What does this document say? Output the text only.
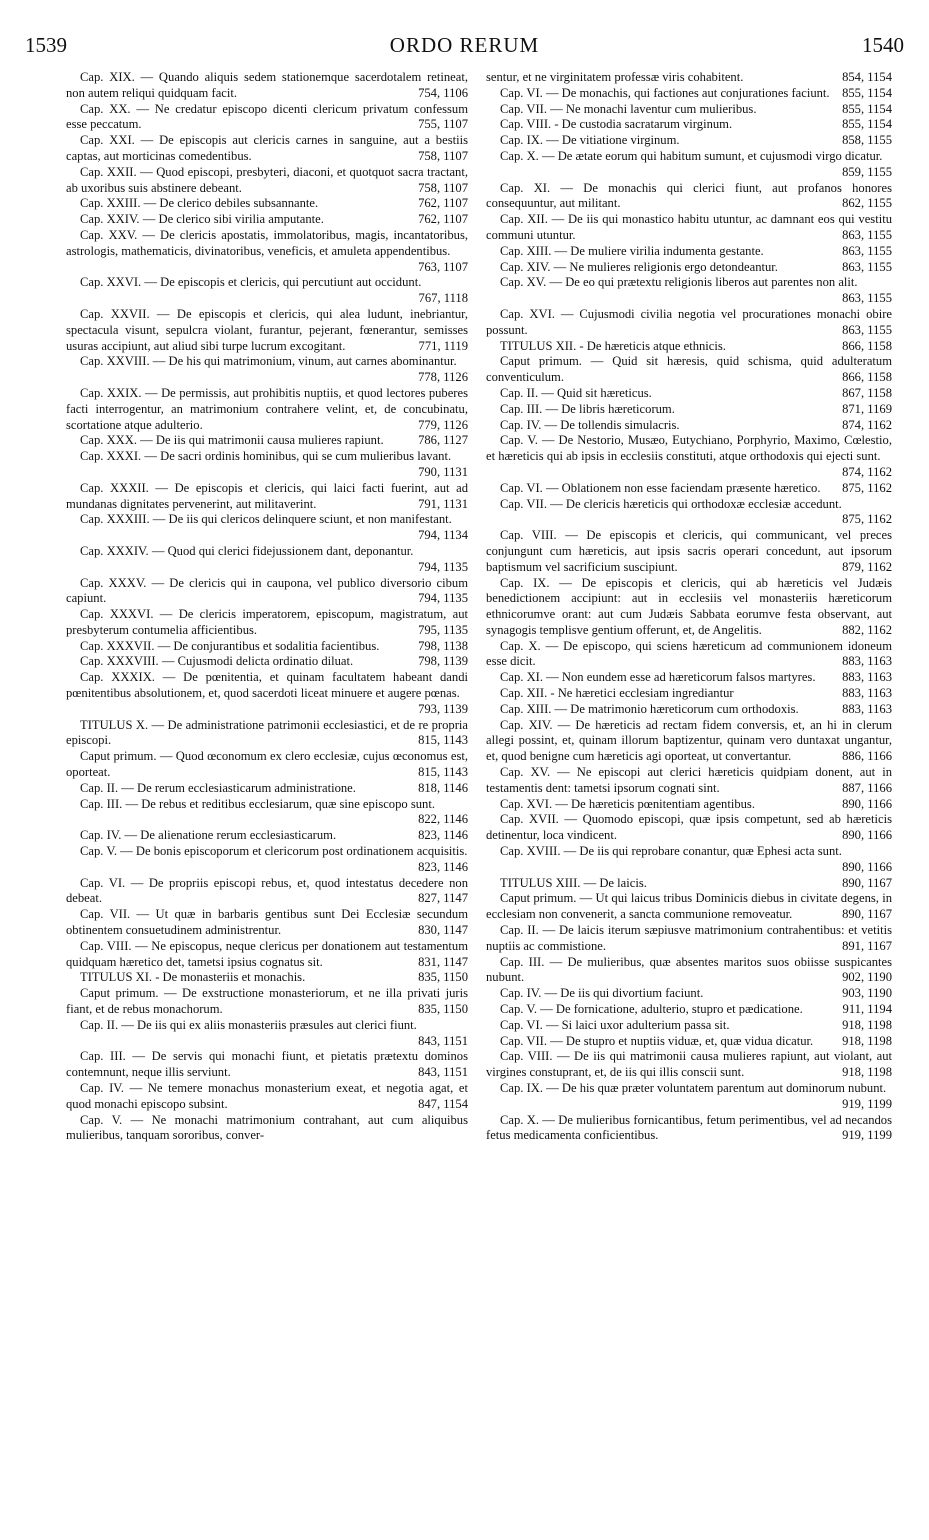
1539	ORDO RERUM	1540

Cap. XIX. — Quando aliquis sedem stationemque sacerdotalem retineat, non autem reliqui quidquam facit.	754, 1106

Cap. XX. — Ne credatur episcopo dicenti clericum privatum confessum esse peccatum.	755, 1107

Cap. XXI. — De episcopis aut clericis carnes in sanguine, aut a bestiis captas, aut morticinas comedentibus.	758, 1107

Cap. XXII. — Quod episcopi, presbyteri, diaconi, et quotquot sacra tractant, ab uxoribus suis abstinere debeant.	758, 1107

Cap. XXIII. — De clerico debiles subsannante.	762, 1107

Cap. XXIV. — De clerico sibi virilia amputante.	762, 1107

Cap. XXV. — De clericis apostatis, immolatoribus, magis, incantatoribus, astrologis, mathematicis, divinatoribus, veneficis, et amuleta appendentibus.
763, 1107

Cap. XXVI. — De episcopis et clericis, qui percutiunt aut occidunt.
767, 1118

Cap. XXVII. — De episcopis et clericis, qui alea ludunt, inebriantur, spectacula visunt, sepulcra violant, furantur, pejerant, fœnerantur, semisses usuras accipiunt, aut aliud sibi turpe lucrum excogitant.	771, 1119

Cap. XXVIII. — De his qui matrimonium, vinum, aut carnes abominantur.
778, 1126

Cap. XXIX. — De permissis, aut prohibitis nuptiis, et quod lectores puberes facti interrogentur, an matrimonium contrahere velint, et, de concubinatu, scortatione atque adulterio.	779, 1126

Cap. XXX. — De iis qui matrimonii causa mulieres rapiunt.	786, 1127

Cap. XXXI. — De sacri ordinis hominibus, qui se cum mulieribus lavant.
790, 1131

Cap. XXXII. — De episcopis et clericis, qui laici facti fuerint, aut ad mundanas dignitates pervenerint, aut militaverint.	791, 1131

Cap. XXXIII. — De iis qui clericos delinquere sciunt, et non manifestant.
794, 1134

Cap. XXXIV. — Quod qui clerici fidejussionem dant, deponantur.
794, 1135

Cap. XXXV. — De clericis qui in caupona, vel publico diversorio cibum capiunt.	794, 1135

Cap. XXXVI. — De clericis imperatorem, episcopum, magistratum, aut presbyterum contumelia afficientibus.	795, 1135

Cap. XXXVII. — De conjurantibus et sodalitia facientibus.	798, 1138

Cap. XXXVIII. — Cujusmodi delicta ordinatio diluat.	798, 1139

Cap. XXXIX. — De pœnitentia, et quinam facultatem habeant dandi pœnitentibus absolutionem, et, quod sacerdoti liceat minuere et augere pœnas.
793, 1139

TITULUS X. — De administratione patrimonii ecclesiastici, et de re propria episcopi.	815, 1143

Caput primum. — Quod œconomum ex clero ecclesiæ, cujus œconomus est, oporteat.	815, 1143

Cap. II. — De rerum ecclesiasticarum administratione.	818, 1146

Cap. III. — De rebus et reditibus ecclesiarum, quæ sine episcopo sunt.
822, 1146

Cap. IV. — De alienatione rerum ecclesiasticarum.	823, 1146

Cap. V. — De bonis episcoporum et clericorum post ordinationem acquisitis.
823, 1146

Cap. VI. — De propriis episcopi rebus, et, quod intestatus decedere non debeat.	827, 1147

Cap. VII. — Ut quæ in barbaris gentibus sunt Dei Ecclesiæ secundum obtinentem consuetudinem administrentur.	830, 1147

Cap. VIII. — Ne episcopus, neque clericus per donationem aut testamentum quidquam hæretico det, tametsi ipsius cognatus sit.	831, 1147

TITULUS XI. - De monasteriis et monachis.	835, 1150

Caput primum. — De exstructione monasteriorum, et ne illa privati juris fiant, et de rebus monachorum.	835, 1150

Cap. II. — De iis qui ex aliis monasteriis præsules aut clerici fiunt.
843, 1151

Cap. III. — De servis qui monachi fiunt, et pietatis prætextu dominos contemnunt, neque illis serviunt.	843, 1151

Cap. IV. — Ne temere monachus monasterium exeat, et negotia agat, et quod monachi episcopo subsint.	847, 1154

Cap. V. — Ne monachi matrimonium contrahant, aut cum aliquibus mulieribus, tanquam sororibus, conver-

sentur, et ne virginitatem professæ viris cohabitent.	854, 1154

Cap. VI. — De monachis, qui factiones aut conjurationes faciunt. 855, 1154

Cap. VII. — Ne monachi laventur cum mulieribus.	855, 1154

Cap. VIII. - De custodia sacratarum virginum.	855, 1154

Cap. IX. — De vitiatione virginum.	858, 1155

Cap. X. — De ætate eorum qui habitum sumunt, et cujusmodi virgo dicatur.
859, 1155

Cap. XI. — De monachis qui clerici fiunt, aut profanos honores consequuntur, aut militant.	862, 1155

Cap. XII. — De iis qui monastico habitu utuntur, ac damnant eos qui vestitu communi utuntur.	863, 1155

Cap. XIII. — De muliere virilia indumenta gestante.	863, 1155

Cap. XIV. — Ne mulieres religionis ergo detondeantur.	863, 1155

Cap. XV. — De eo qui prætextu religionis liberos aut parentes non alit.
863, 1155

Cap. XVI. — Cujusmodi civilia negotia vel procurationes monachi obire possunt.	863, 1155

TITULUS XII. - De hæreticis atque ethnicis.	866, 1158

Caput primum. — Quid sit hæresis, quid schisma, quid adulteratum conventiculum.	866, 1158

Cap. II. — Quid sit hæreticus.	867, 1158

Cap. III. — De libris hæreticorum.	871, 1169

Cap. IV. — De tollendis simulacris.	874, 1162

Cap. V. — De Nestorio, Musæo, Eutychiano, Porphyrio, Maximo, Cœlestio, et hæreticis qui ab ipsis in ecclesiis constituti, atque orthodoxis qui ejecti sunt.
874, 1162

Cap. VI. — Oblationem non esse faciendam præsente hæretico.	875, 1162

Cap. VII. — De clericis hæreticis qui orthodoxæ ecclesiæ accedunt.
875, 1162

Cap. VIII. — De episcopis et clericis, qui communicant, vel preces conjungunt cum hæreticis, aut ipsis sacris operari concedunt, aut ipsorum baptismum vel sacrificium suscipiunt.	879, 1162

Cap. IX. — De episcopis et clericis, qui ab hæreticis vel Judæis benedictionem accipiunt: aut in ecclesiis vel monasteriis hæreticorum ethnicorumve orant: aut cum Judæis Sabbata eorumve festa observant, aut synagogis templisve gentium offerunt, et, de Angelitis.	882, 1162

Cap. X. — De episcopo, qui sciens hæreticum ad communionem idoneum esse dicit.	883, 1163

Cap. XI. — Non eundem esse ad hæreticorum falsos martyres.	883, 1163

Cap. XII. - Ne hæretici ecclesiam ingrediantur	883, 1163

Cap. XIII. — De matrimonio hæreticorum cum orthodoxis.	883, 1163

Cap. XIV. — De hæreticis ad rectam fidem conversis, et, an hi in clerum allegi possint, et, quinam illorum baptizentur, quinam vero duntaxat ungantur, et, quod benigne cum hæreticis agi oporteat, ut convertantur.	886, 1166

Cap. XV. — Ne episcopi aut clerici hæreticis quidpiam donent, aut in testamentis dent: tametsi ipsorum cognati sint.	887, 1166

Cap. XVI. — De hæreticis pœnitentiam agentibus.	890, 1166

Cap. XVII. — Quomodo episcopi, quæ ipsis competunt, sed ab hæreticis detinentur, loca vindicent.	890, 1166

Cap. XVIII. — De iis qui reprobare conantur, quæ Ephesi acta sunt.
890, 1166

TITULUS XIII. — De laicis.	890, 1167

Caput primum. — Ut qui laicus tribus Dominicis diebus in civitate degens, in ecclesiam non convenerit, a sancta communione removeatur.	890, 1167

Cap. II. — De laicis iterum sæpiusve matrimonium contrahentibus: et vetitis nuptiis ac commistione.	891, 1167

Cap. III. — De mulieribus, quæ absentes maritos suos obiisse suspicantes nubunt.	902, 1190

Cap. IV. — De iis qui divortium faciunt.	903, 1190

Cap. V. — De fornicatione, adulterio, stupro et pædicatione.	911, 1194

Cap. VI. — Si laici uxor adulterium passa sit.	918, 1198

Cap. VII. — De stupro et nuptiis viduæ, et, quæ vidua dicatur.	918, 1198

Cap. VIII. — De iis qui matrimonii causa mulieres rapiunt, aut violant, aut virgines constuprant, et, de iis qui illis conscii sunt.	918, 1198

Cap. IX. — De his quæ præter voluntatem parentum aut dominorum nubunt.
919, 1199

Cap. X. — De mulieribus fornicantibus, fetum perimentibus, vel ad necandos fetus medicamenta conficientibus.	919, 1199
